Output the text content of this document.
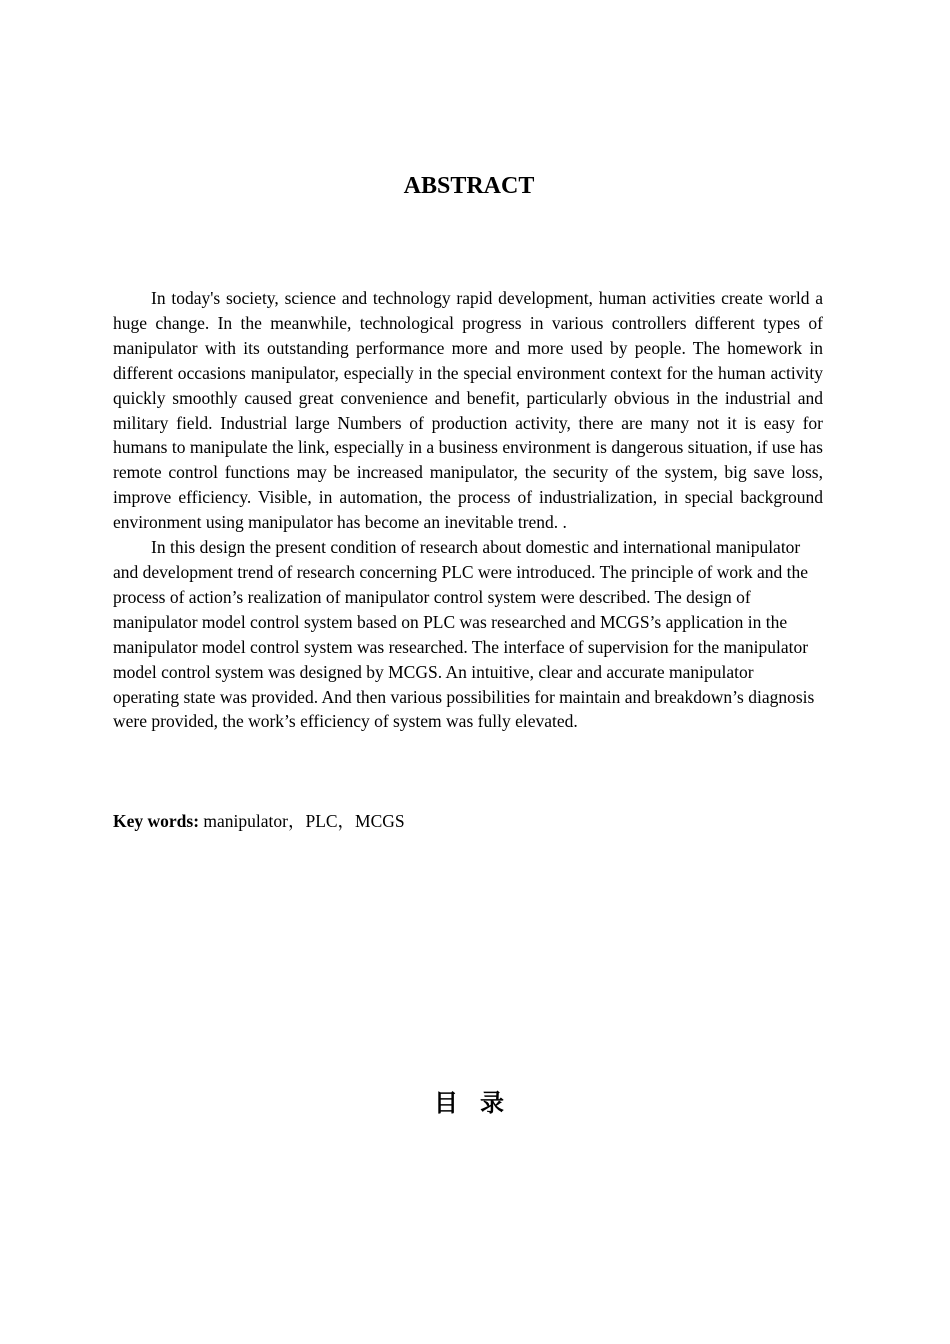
ABSTRACT

In today's society, science and technology rapid development, human activities create world a huge change. In the meanwhile, technological progress in various controllers different types of manipulator with its outstanding performance more and more used by people. The homework in different occasions manipulator, especially in the special environment context for the human activity quickly smoothly caused great convenience and benefit, particularly obvious in the industrial and military field. Industrial large Numbers of production activity, there are many not it is easy for humans to manipulate the link, especially in a business environment is dangerous situation, if use has remote control functions may be increased manipulator, the security of the system, big save loss, improve efficiency. Visible, in automation, the process of industrialization, in special background environment using manipulator has become an inevitable trend. .

In this design the present condition of research about domestic and international manipulator and development trend of research concerning PLC were introduced. The principle of work and the process of action’s realization of manipulator control system were described. The design of manipulator model control system based on PLC was researched and MCGS’s application in the manipulator model control system was researched. The interface of supervision for the manipulator model control system was designed by MCGS. An intuitive, clear and accurate manipulator operating state was provided. And then various possibilities for maintain and breakdown’s diagnosis were provided, the work’s efficiency of system was fully elevated.

Key words: manipulator，PLC，MCGS
目录
